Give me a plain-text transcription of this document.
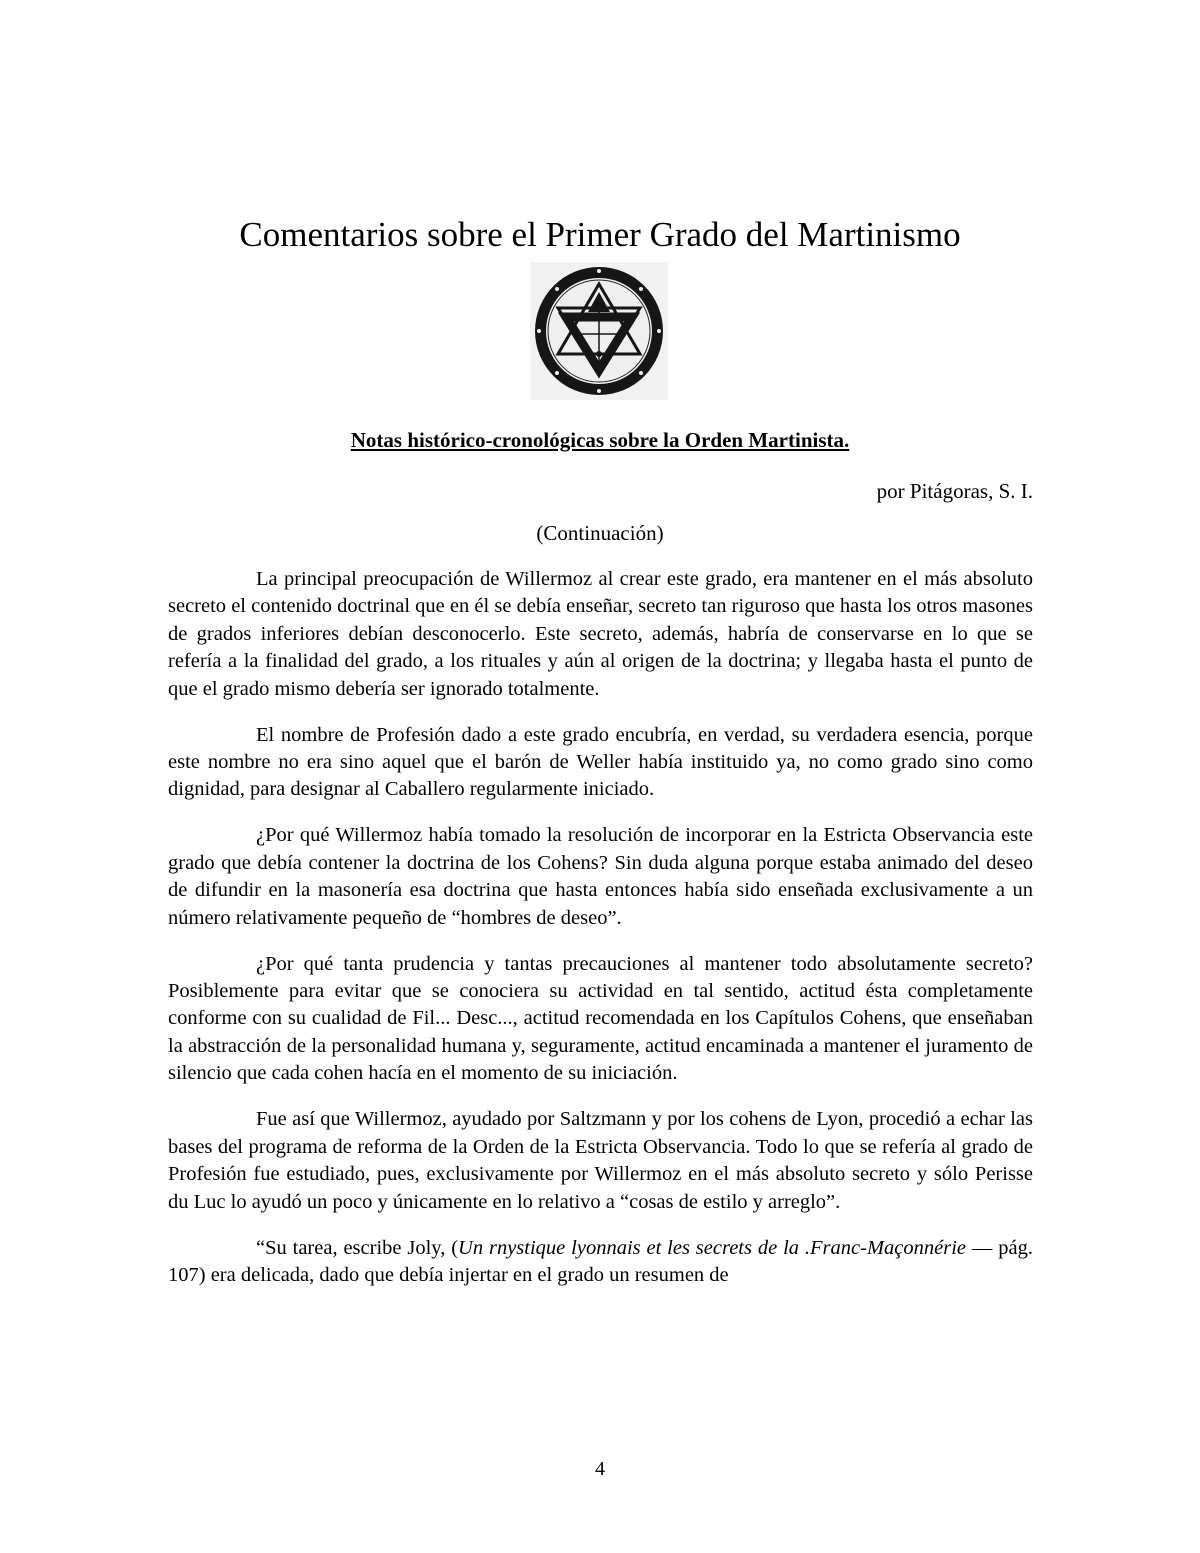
Comentarios sobre el Primer Grado del Martinismo
Notas histórico-cronológicas sobre la Orden Martinista.
por Pitágoras, S. I.
(Continuación)

La principal preocupación de Willermoz al crear este grado, era mantener en el más absoluto secreto el contenido doctrinal que en él se debía enseñar, secreto tan riguroso que hasta los otros masones de grados inferiores debían desconocerlo. Este secreto, además, habría de conservarse en lo que se refería a la finalidad del grado, a los rituales y aún al origen de la doctrina; y llegaba hasta el punto de que el grado mismo debería ser ignorado totalmente.

El nombre de Profesión dado a este grado encubría, en verdad, su verdadera esencia, porque este nombre no era sino aquel que el barón de Weller había instituido ya, no como grado sino como dignidad, para designar al Caballero regularmente iniciado.

¿Por qué Willermoz había tomado la resolución de incorporar en la Estricta Observancia este grado que debía contener la doctrina de los Cohens? Sin duda alguna porque estaba animado del deseo de difundir en la masonería esa doctrina que hasta entonces había sido enseñada exclusivamente a un número relativamente pequeño de “hombres de deseo”.

¿Por qué tanta prudencia y tantas precauciones al mantener todo absolutamente secreto? Posiblemente para evitar que se conociera su actividad en tal sentido, actitud ésta completamente conforme con su cualidad de Fil... Desc..., actitud recomendada en los Capítulos Cohens, que enseñaban la abstracción de la personalidad humana y, seguramente, actitud encaminada a mantener el juramento de silencio que cada cohen hacía en el momento de su iniciación.

Fue así que Willermoz, ayudado por Saltzmann y por los cohens de Lyon, procedió a echar las bases del programa de reforma de la Orden de la Estricta Observancia. Todo lo que se refería al grado de Profesión fue estudiado, pues, exclusivamente por Willermoz en el más absoluto secreto y sólo Perisse du Luc lo ayudó un poco y únicamente en lo relativo a “cosas de estilo y arreglo”.

“Su tarea, escribe Joly, (Un rnystique lyonnais et les secrets de la .Franc-Maçonnérie — pág. 107) era delicada, dado que debía injertar en el grado un resumen de

4
